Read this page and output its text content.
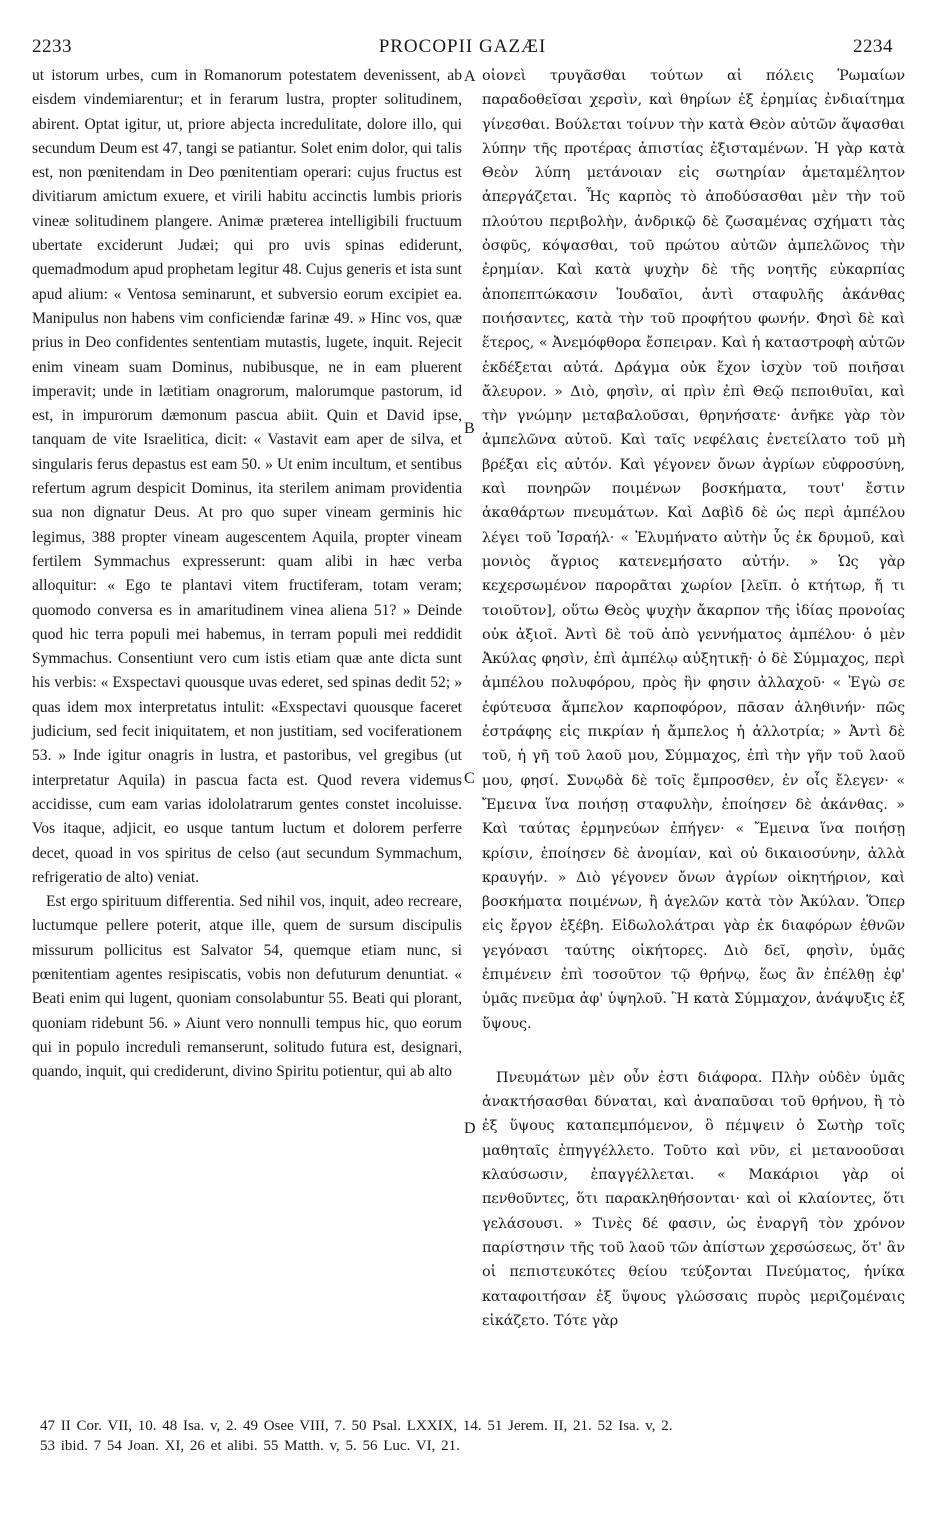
2233	PROCOPII GAZÆI	2234
A
B
C
D

ut istorum urbes, cum in Romanorum potestatem devenissent, ab eisdem vindemiarentur; et in ferarum lustra, propter solitudinem, abirent. Optat igitur, ut, priore abjecta incredulitate, dolore illo, qui secundum Deum est 47, tangi se patiantur. Solet enim dolor, qui talis est, non pœnitendam in Deo pœnitentiam operari: cujus fructus est divitiarum amictum exuere, et virili habitu accinctis lumbis prioris vineæ solitudinem plangere. Animæ præterea intelligibili fructuum ubertate exciderunt Judæi; qui pro uvis spinas ediderunt, quemadmodum apud prophetam legitur 48. Cujus generis et ista sunt apud alium: « Ventosa seminarunt, et subversio eorum excipiet ea. Manipulus non habens vim conficiendæ farinæ 49. » Hinc vos, quæ prius in Deo confidentes sententiam mutastis, lugete, inquit. Rejecit enim vineam suam Dominus, nubibusque, ne in eam pluerent imperavit; unde in lætitiam onagrorum, malorumque pastorum, id est, in impurorum dæmonum pascua abiit. Quin et David ipse, tanquam de vite Israelitica, dicit: « Vastavit eam aper de silva, et singularis ferus depastus est eam 50. » Ut enim incultum, et sentibus refertum agrum despicit Dominus, ita sterilem animam providentia sua non dignatur Deus. At pro quo super vineam germinis hic legimus, 388 propter vineam augescentem Aquila, propter vineam fertilem Symmachus expresserunt: quam alibi in hæc verba alloquitur: « Ego te plantavi vitem fructiferam, totam veram; quomodo conversa es in amaritudinem vinea aliena 51? » Deinde quod hic terra populi mei habemus, in terram populi mei reddidit Symmachus. Consentiunt vero cum istis etiam quæ ante dicta sunt his verbis: « Exspectavi quousque uvas ederet, sed spinas dedit 52; » quas idem mox interpretatus intulit: «Exspectavi quousque faceret judicium, sed fecit iniquitatem, et non justitiam, sed vociferationem 53. » Inde igitur onagris in lustra, et pastoribus, vel gregibus (ut interpretatur Aquila) in pascua facta est. Quod revera videmus accidisse, cum eam varias idololatrarum gentes constet incoluisse. Vos itaque, adjicit, eo usque tantum luctum et dolorem perferre decet, quoad in vos spiritus de celso (aut secundum Symmachum, refrigeratio de alto) veniat.

Est ergo spirituum differentia. Sed nihil vos, inquit, adeo recreare, luctumque pellere poterit, atque ille, quem de sursum discipulis missurum pollicitus est Salvator 54, quemque etiam nunc, si pœnitentiam agentes resipiscatis, vobis non defuturum denuntiat. « Beati enim qui lugent, quoniam consolabuntur 55. Beati qui plorant, quoniam ridebunt 56. » Aiunt vero nonnulli tempus hic, quo eorum qui in populo increduli remanserunt, solitudo futura est, designari, quando, inquit, qui crediderunt, divino Spiritu potientur, qui ab alto

οἰονεὶ τρυγᾶσθαι τούτων αἱ πόλεις Ῥωμαίων παραδοθεῖσαι χερσὶν, καὶ θηρίων ἐξ ἐρημίας ἐνδιαίτημα γίνεσθαι. Βούλεται τοίνυν τὴν κατὰ Θεὸν αὐτῶν ἅψασθαι λύπην τῆς προτέρας ἀπιστίας ἐξισταμένων. Ἡ γὰρ κατὰ Θεὸν λύπη μετάνοιαν εἰς σωτηρίαν ἀμεταμέλητον ἀπεργάζεται. Ἧς καρπὸς τὸ ἀποδύσασθαι μὲν τὴν τοῦ πλούτου περιβολὴν, ἀνδρικῷ δὲ ζωσαμένας σχήματι τὰς ὀσφῦς, κόψασθαι, τοῦ πρώτου αὐτῶν ἀμπελῶνος τὴν ἐρημίαν. Καὶ κατὰ ψυχὴν δὲ τῆς νοητῆς εὐκαρπίας ἀποπεπτώκασιν Ἰουδαῖοι, ἀντὶ σταφυλῆς ἀκάνθας ποιήσαντες, κατὰ τὴν τοῦ προφήτου φωνήν. Φησὶ δὲ καὶ ἕτερος, « Ἀνεμόφθορα ἔσπειραν. Καὶ ἡ καταστροφὴ αὐτῶν ἐκδέξεται αὐτά. Δράγμα οὐκ ἔχον ἰσχὺν τοῦ ποιῆσαι ἄλευρον. » Διὸ, φησὶν, αἱ πρὶν ἐπὶ Θεῷ πεποιθυῖαι, καὶ τὴν γνώμην μεταβαλοῦσαι, θρηνήσατε· ἀνῆκε γὰρ τὸν ἀμπελῶνα αὐτοῦ. Καὶ ταῖς νεφέλαις ἐνετείλατο τοῦ μὴ βρέξαι εἰς αὐτόν. Καὶ γέγονεν ὄνων ἀγρίων εὐφροσύνη, καὶ πονηρῶν ποιμένων βοσκήματα, τουτ' ἔστιν ἀκαθάρτων πνευμάτων. Καὶ Δαβὶδ δὲ ὡς περὶ ἀμπέλου λέγει τοῦ Ἰσραήλ· « Ἐλυμήνατο αὐτὴν ὗς ἐκ δρυμοῦ, καὶ μονιὸς ἄγριος κατενεμήσατο αὐτήν. » Ὡς γὰρ κεχερσωμένον παρορᾶται χωρίον [λεῖπ. ὁ κτήτωρ, ἤ τι τοιοῦτον], οὕτω Θεὸς ψυχὴν ἄκαρπον τῆς ἰδίας προνοίας οὐκ ἀξιοῖ. Ἀντὶ δὲ τοῦ ἀπὸ γεννήματος ἀμπέλου· ὁ μὲν Ἀκύλας φησὶν, ἐπὶ ἀμπέλῳ αὐξητικῇ· ὁ δὲ Σύμμαχος, περὶ ἀμπέλου πολυφόρου, πρὸς ἣν φησιν ἀλλαχοῦ· « Ἐγὼ σε ἐφύτευσα ἄμπελον καρποφόρον, πᾶσαν ἀληθινήν· πῶς ἐστράφης εἰς πικρίαν ἡ ἄμπελος ἡ ἀλλοτρία; » Ἀντὶ δὲ τοῦ, ἡ γῆ τοῦ λαοῦ μου, Σύμμαχος, ἐπὶ τὴν γῆν τοῦ λαοῦ μου, φησί. Συνῳδὰ δὲ τοῖς ἔμπροσθεν, ἐν οἷς ἔλεγεν· « Ἔμεινα ἵνα ποιήσῃ σταφυλὴν, ἐποίησεν δὲ ἀκάνθας. » Καὶ ταύτας ἑρμηνεύων ἐπήγεν· « Ἔμεινα ἵνα ποιήσῃ κρίσιν, ἐποίησεν δὲ ἀνομίαν, καὶ οὐ δικαιοσύνην, ἀλλὰ κραυγήν. » Διὸ γέγονεν ὄνων ἀγρίων οἰκητήριον, καὶ βοσκήματα ποιμένων, ἢ ἀγελῶν κατὰ τὸν Ἀκύλαν. Ὅπερ εἰς ἔργον ἐξέβη. Εἰδωλολάτραι γὰρ ἐκ διαφόρων ἐθνῶν γεγόνασι ταύτης οἰκήτορες. Διὸ δεῖ, φησὶν, ὑμᾶς ἐπιμένειν ἐπὶ τοσοῦτον τῷ θρήνῳ, ἕως ἂν ἐπέλθῃ ἐφ' ὑμᾶς πνεῦμα ἀφ' ὑψηλοῦ. Ἢ κατὰ Σύμμαχον, ἀνάψυξις ἐξ ὕψους.

Πνευμάτων μὲν οὖν ἐστι διάφορα. Πλὴν οὐδὲν ὑμᾶς ἀνακτήσασθαι δύναται, καὶ ἀναπαῦσαι τοῦ θρήνου, ἢ τὸ ἐξ ὕψους καταπεμπόμενον, ὃ πέμψειν ὁ Σωτὴρ τοῖς μαθηταῖς ἐπηγγέλλετο. Τοῦτο καὶ νῦν, εἰ μετανοοῦσαι κλαύσωσιν, ἐπαγγέλλεται. « Μακάριοι γὰρ οἱ πενθοῦντες, ὅτι παρακληθήσονται· καὶ οἱ κλαίοντες, ὅτι γελάσουσι. » Τινὲς δέ φασιν, ὡς ἐναργῆ τὸν χρόνον παρίστησιν τῆς τοῦ λαοῦ τῶν ἀπίστων χερσώσεως, ὅτ' ἂν οἱ πεπιστευκότες θείου τεύξονται Πνεύματος, ἡνίκα καταφοιτήσαν ἐξ ὕψους γλώσσαις πυρὸς μεριζομέναις εἰκάζετο. Τότε γὰρ

47 II Cor. VII, 10. 48 Isa. v, 2. 49 Osee VIII, 7. 50 Psal. LXXIX, 14. 51 Jerem. II, 21. 52 Isa. v, 2.
53 ibid. 7 54 Joan. XI, 26 et alibi. 55 Matth. v, 5. 56 Luc. VI, 21.
